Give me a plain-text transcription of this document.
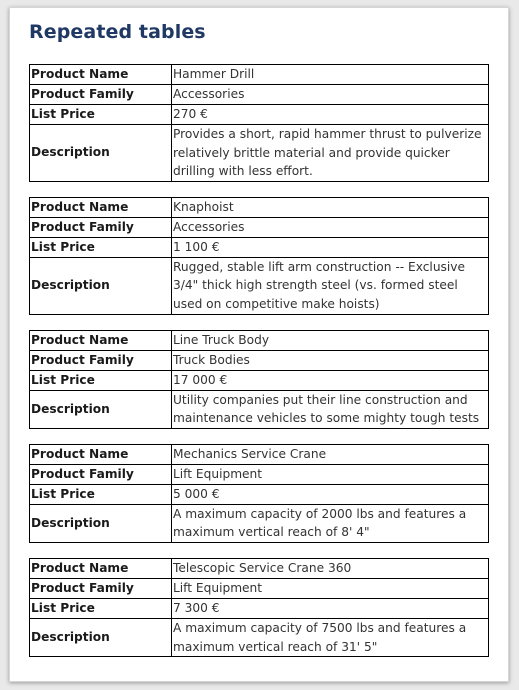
Repeated tables
Product Name	Hammer Drill
Product Family	Accessories
List Price	270 €
Description	Provides a short, rapid hammer thrust to pulverize relatively brittle material and provide quicker drilling with less effort.
Product Name	Knaphoist
Product Family	Accessories
List Price	1 100 €
Description	Rugged, stable lift arm construction -- Exclusive 3/4" thick high strength steel (vs. formed steel used on competitive make hoists)
Product Name	Line Truck Body
Product Family	Truck Bodies
List Price	17 000 €
Description	Utility companies put their line construction and maintenance vehicles to some mighty tough tests
Product Name	Mechanics Service Crane
Product Family	Lift Equipment
List Price	5 000 €
Description	A maximum capacity of 2000 lbs and features a maximum vertical reach of 8' 4"
Product Name	Telescopic Service Crane 360
Product Family	Lift Equipment
List Price	7 300 €
Description	A maximum capacity of 7500 lbs and features a maximum vertical reach of 31' 5"
